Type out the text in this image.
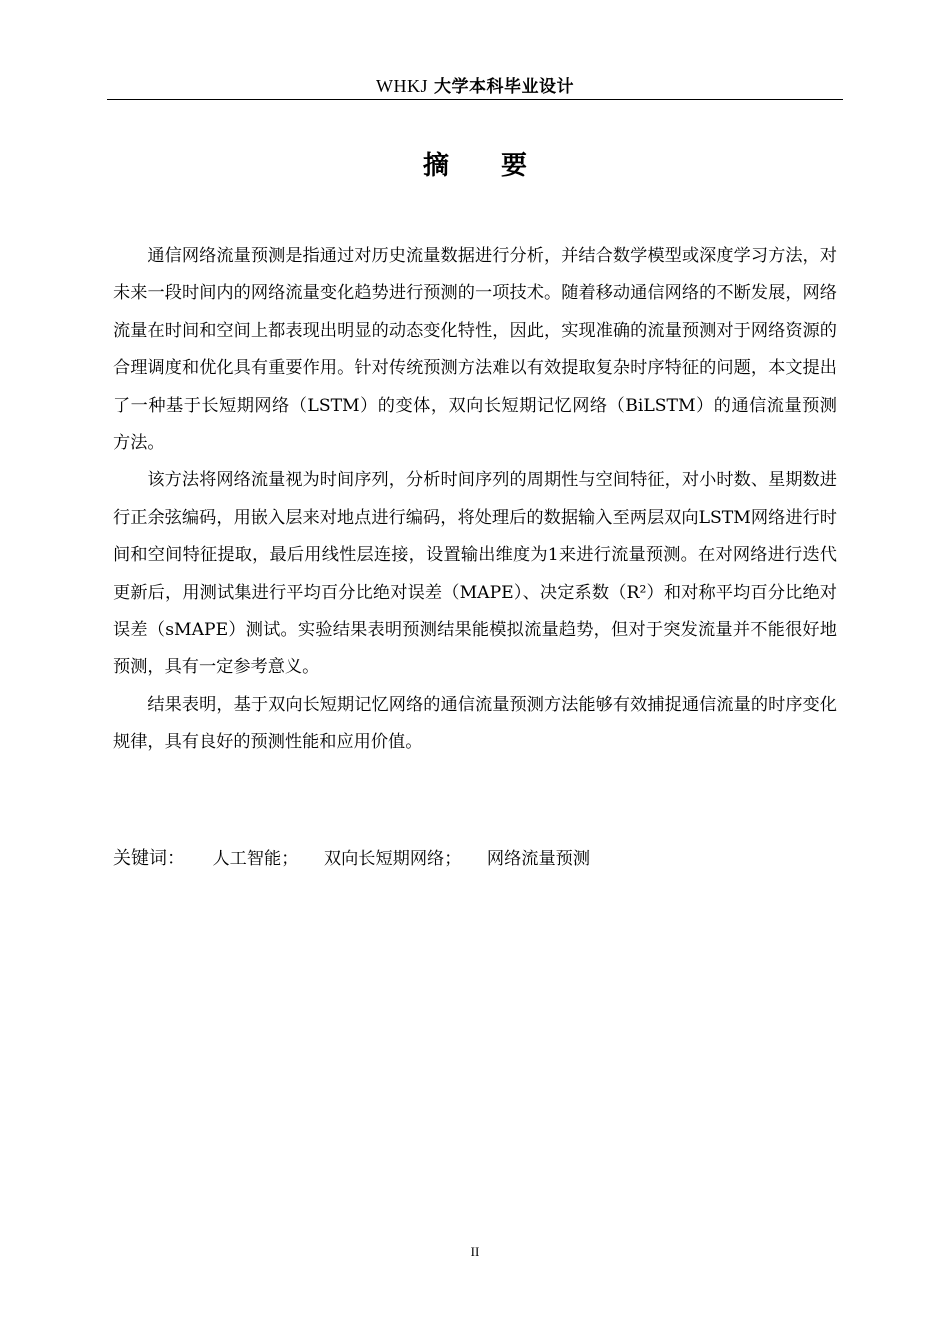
WHKJ 大学本科毕业设计
摘要

通信网络流量预测是指通过对历史流量数据进行分析，并结合数学模型或深度学习方法，对未来一段时间内的网络流量变化趋势进行预测的一项技术。随着移动通信网络的不断发展，网络流量在时间和空间上都表现出明显的动态变化特性，因此，实现准确的流量预测对于网络资源的合理调度和优化具有重要作用。针对传统预测方法难以有效提取复杂时序特征的问题，本文提出了一种基于长短期网络（LSTM）的变体，双向长短期记忆网络（BiLSTM）的通信流量预测方法。

该方法将网络流量视为时间序列，分析时间序列的周期性与空间特征，对小时数、星期数进行正余弦编码，用嵌入层来对地点进行编码，将处理后的数据输入至两层双向LSTM网络进行时间和空间特征提取，最后用线性层连接，设置输出维度为1来进行流量预测。在对网络进行迭代更新后，用测试集进行平均百分比绝对误差（MAPE）、决定系数（R²）和对称平均百分比绝对误差（sMAPE）测试。实验结果表明预测结果能模拟流量趋势，但对于突发流量并不能很好地预测，具有一定参考意义。

结果表明，基于双向长短期记忆网络的通信流量预测方法能够有效捕捉通信流量的时序变化规律，具有良好的预测性能和应用价值。

关键词： 人工智能； 双向长短期网络； 网络流量预测
II
